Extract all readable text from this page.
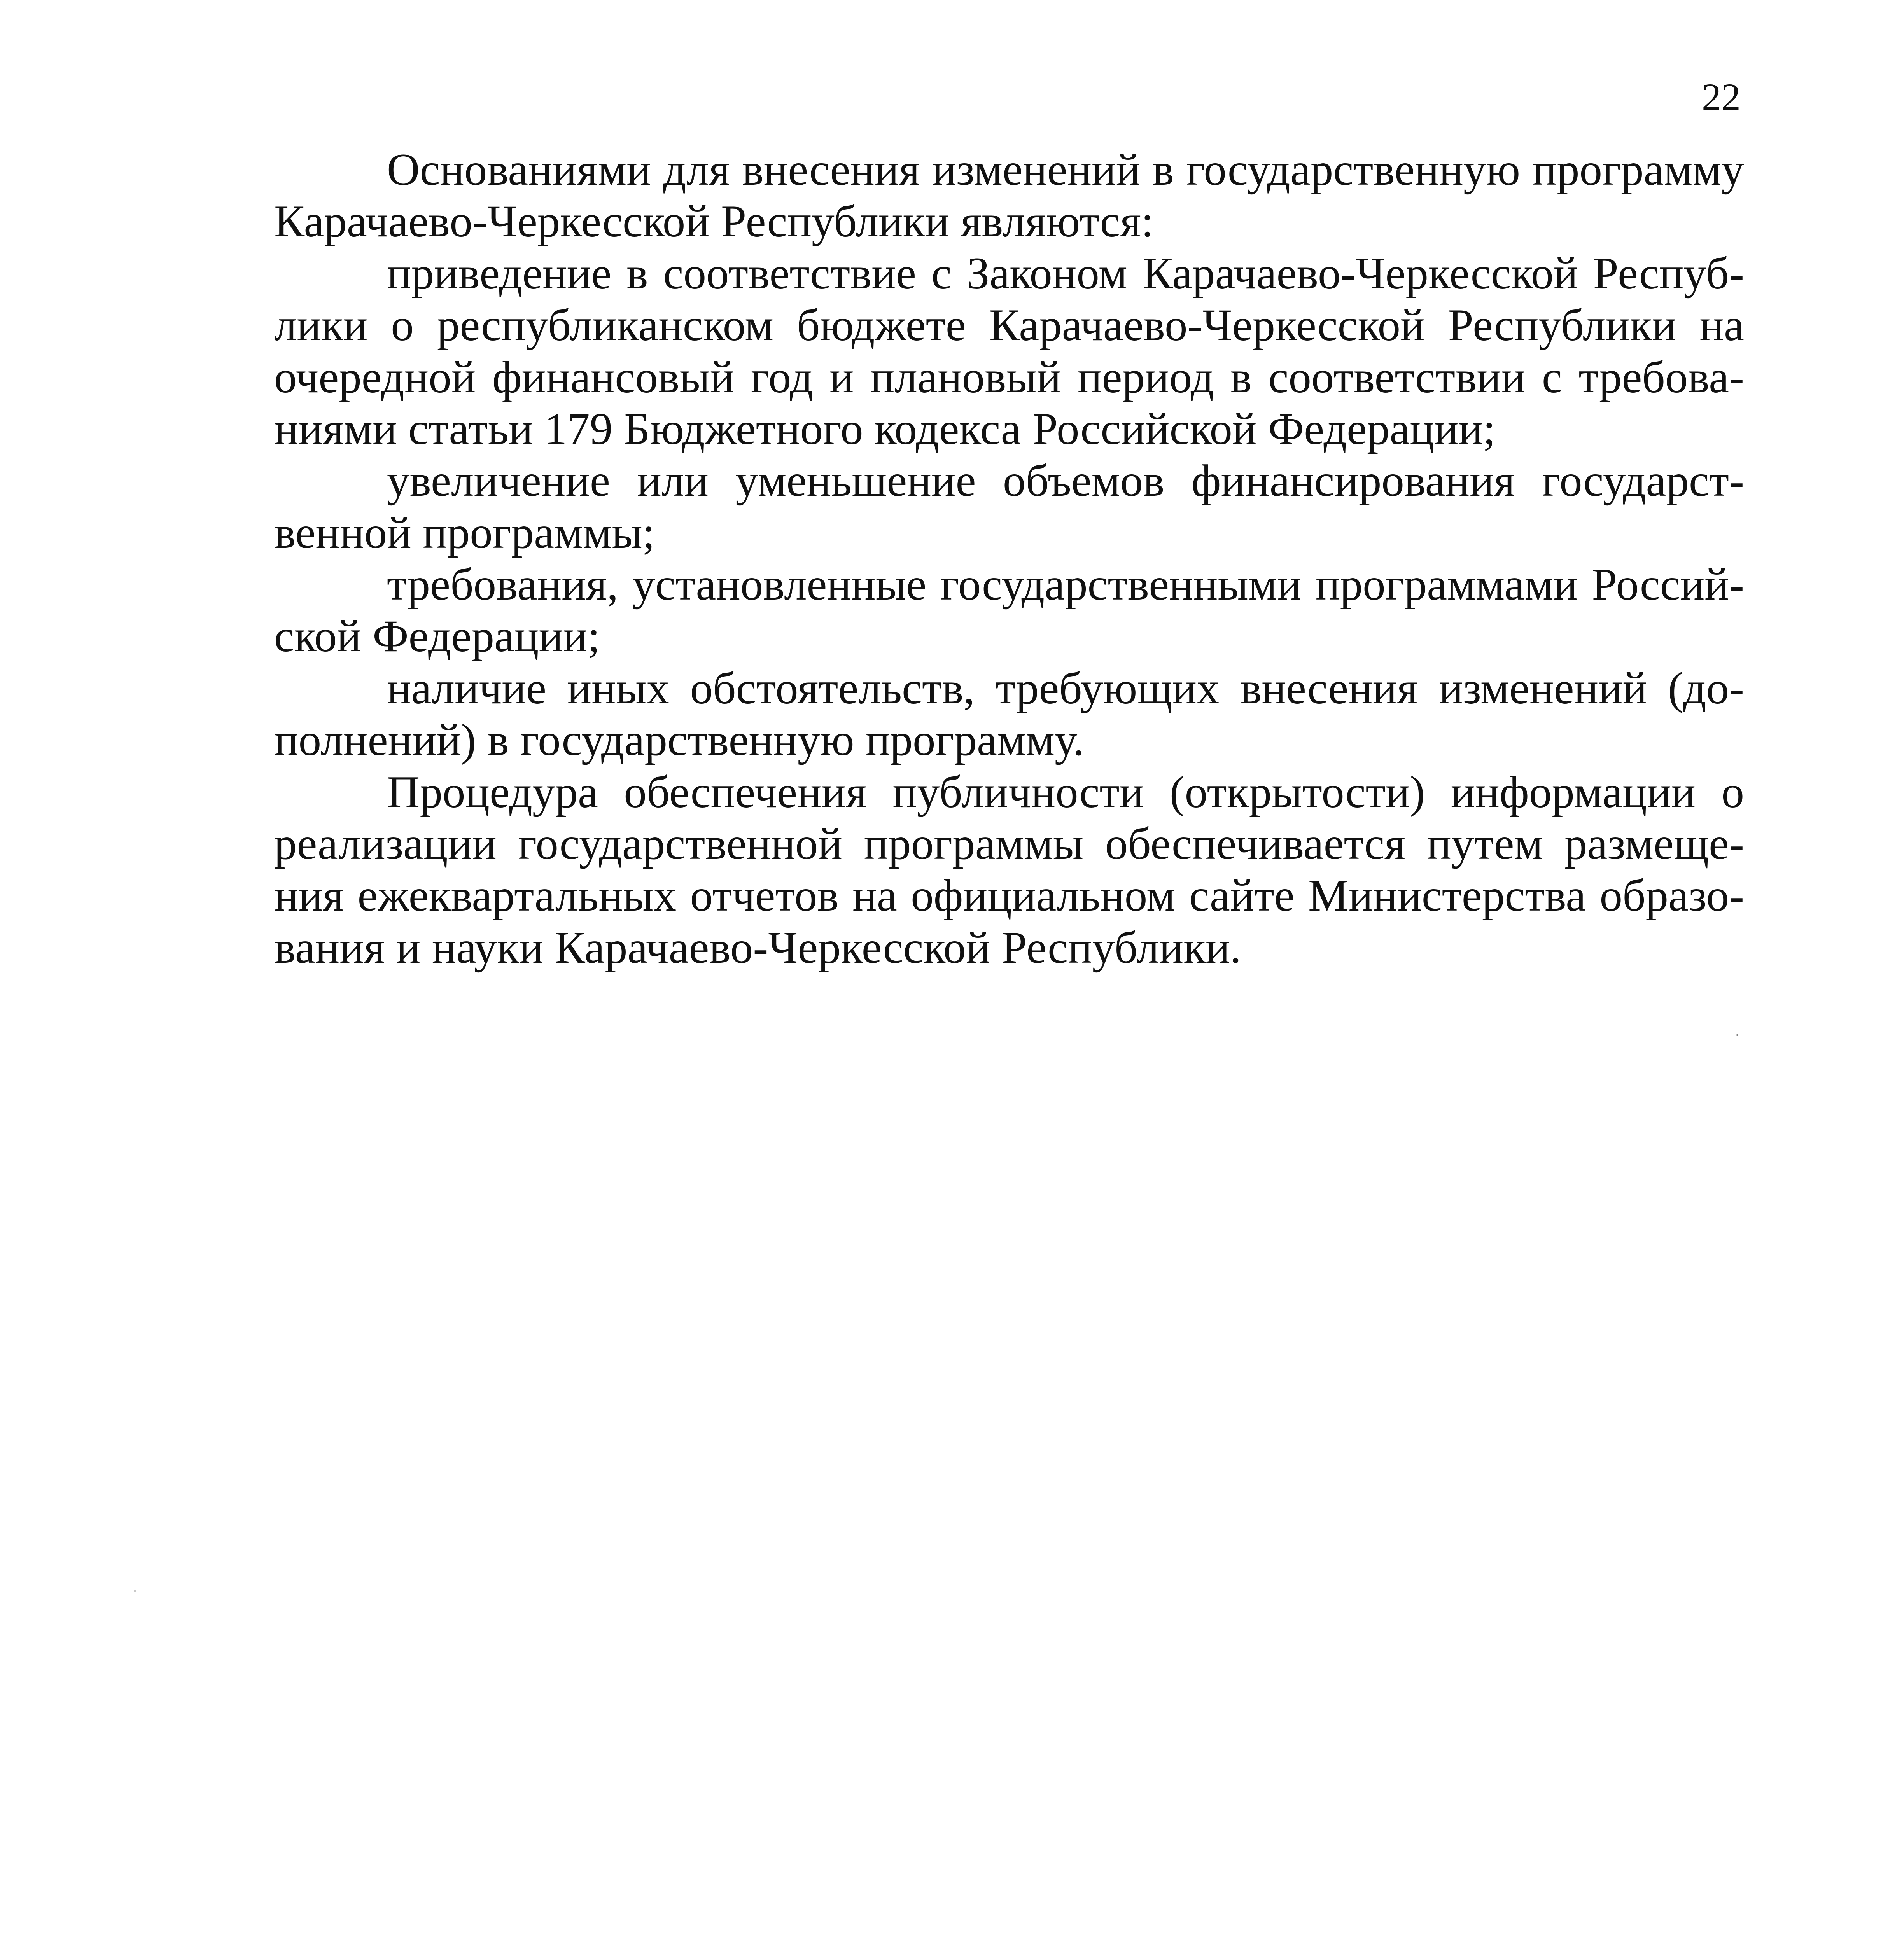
22

Основаниями для внесения изменений в государственную программу Карачаево-Черкесской Республики являются:

приведение в соответствие с Законом Карачаево-Черкесской Республики о республиканском бюджете Карачаево-Черкесской Республики на очередной финансовый год и плановый период в соответствии с требованиями статьи 179 Бюджетного кодекса Российской Федерации;

увеличение или уменьшение объемов финансирования государственной программы;

требования, установленные государственными программами Российской Федерации;

наличие иных обстоятельств, требующих внесения изменений (дополнений) в государственную программу.

Процедура обеспечения публичности (открытости) информации о реализации государственной программы обеспечивается путем размещения ежеквартальных отчетов на официальном сайте Министерства образования и науки Карачаево-Черкесской Республики.
